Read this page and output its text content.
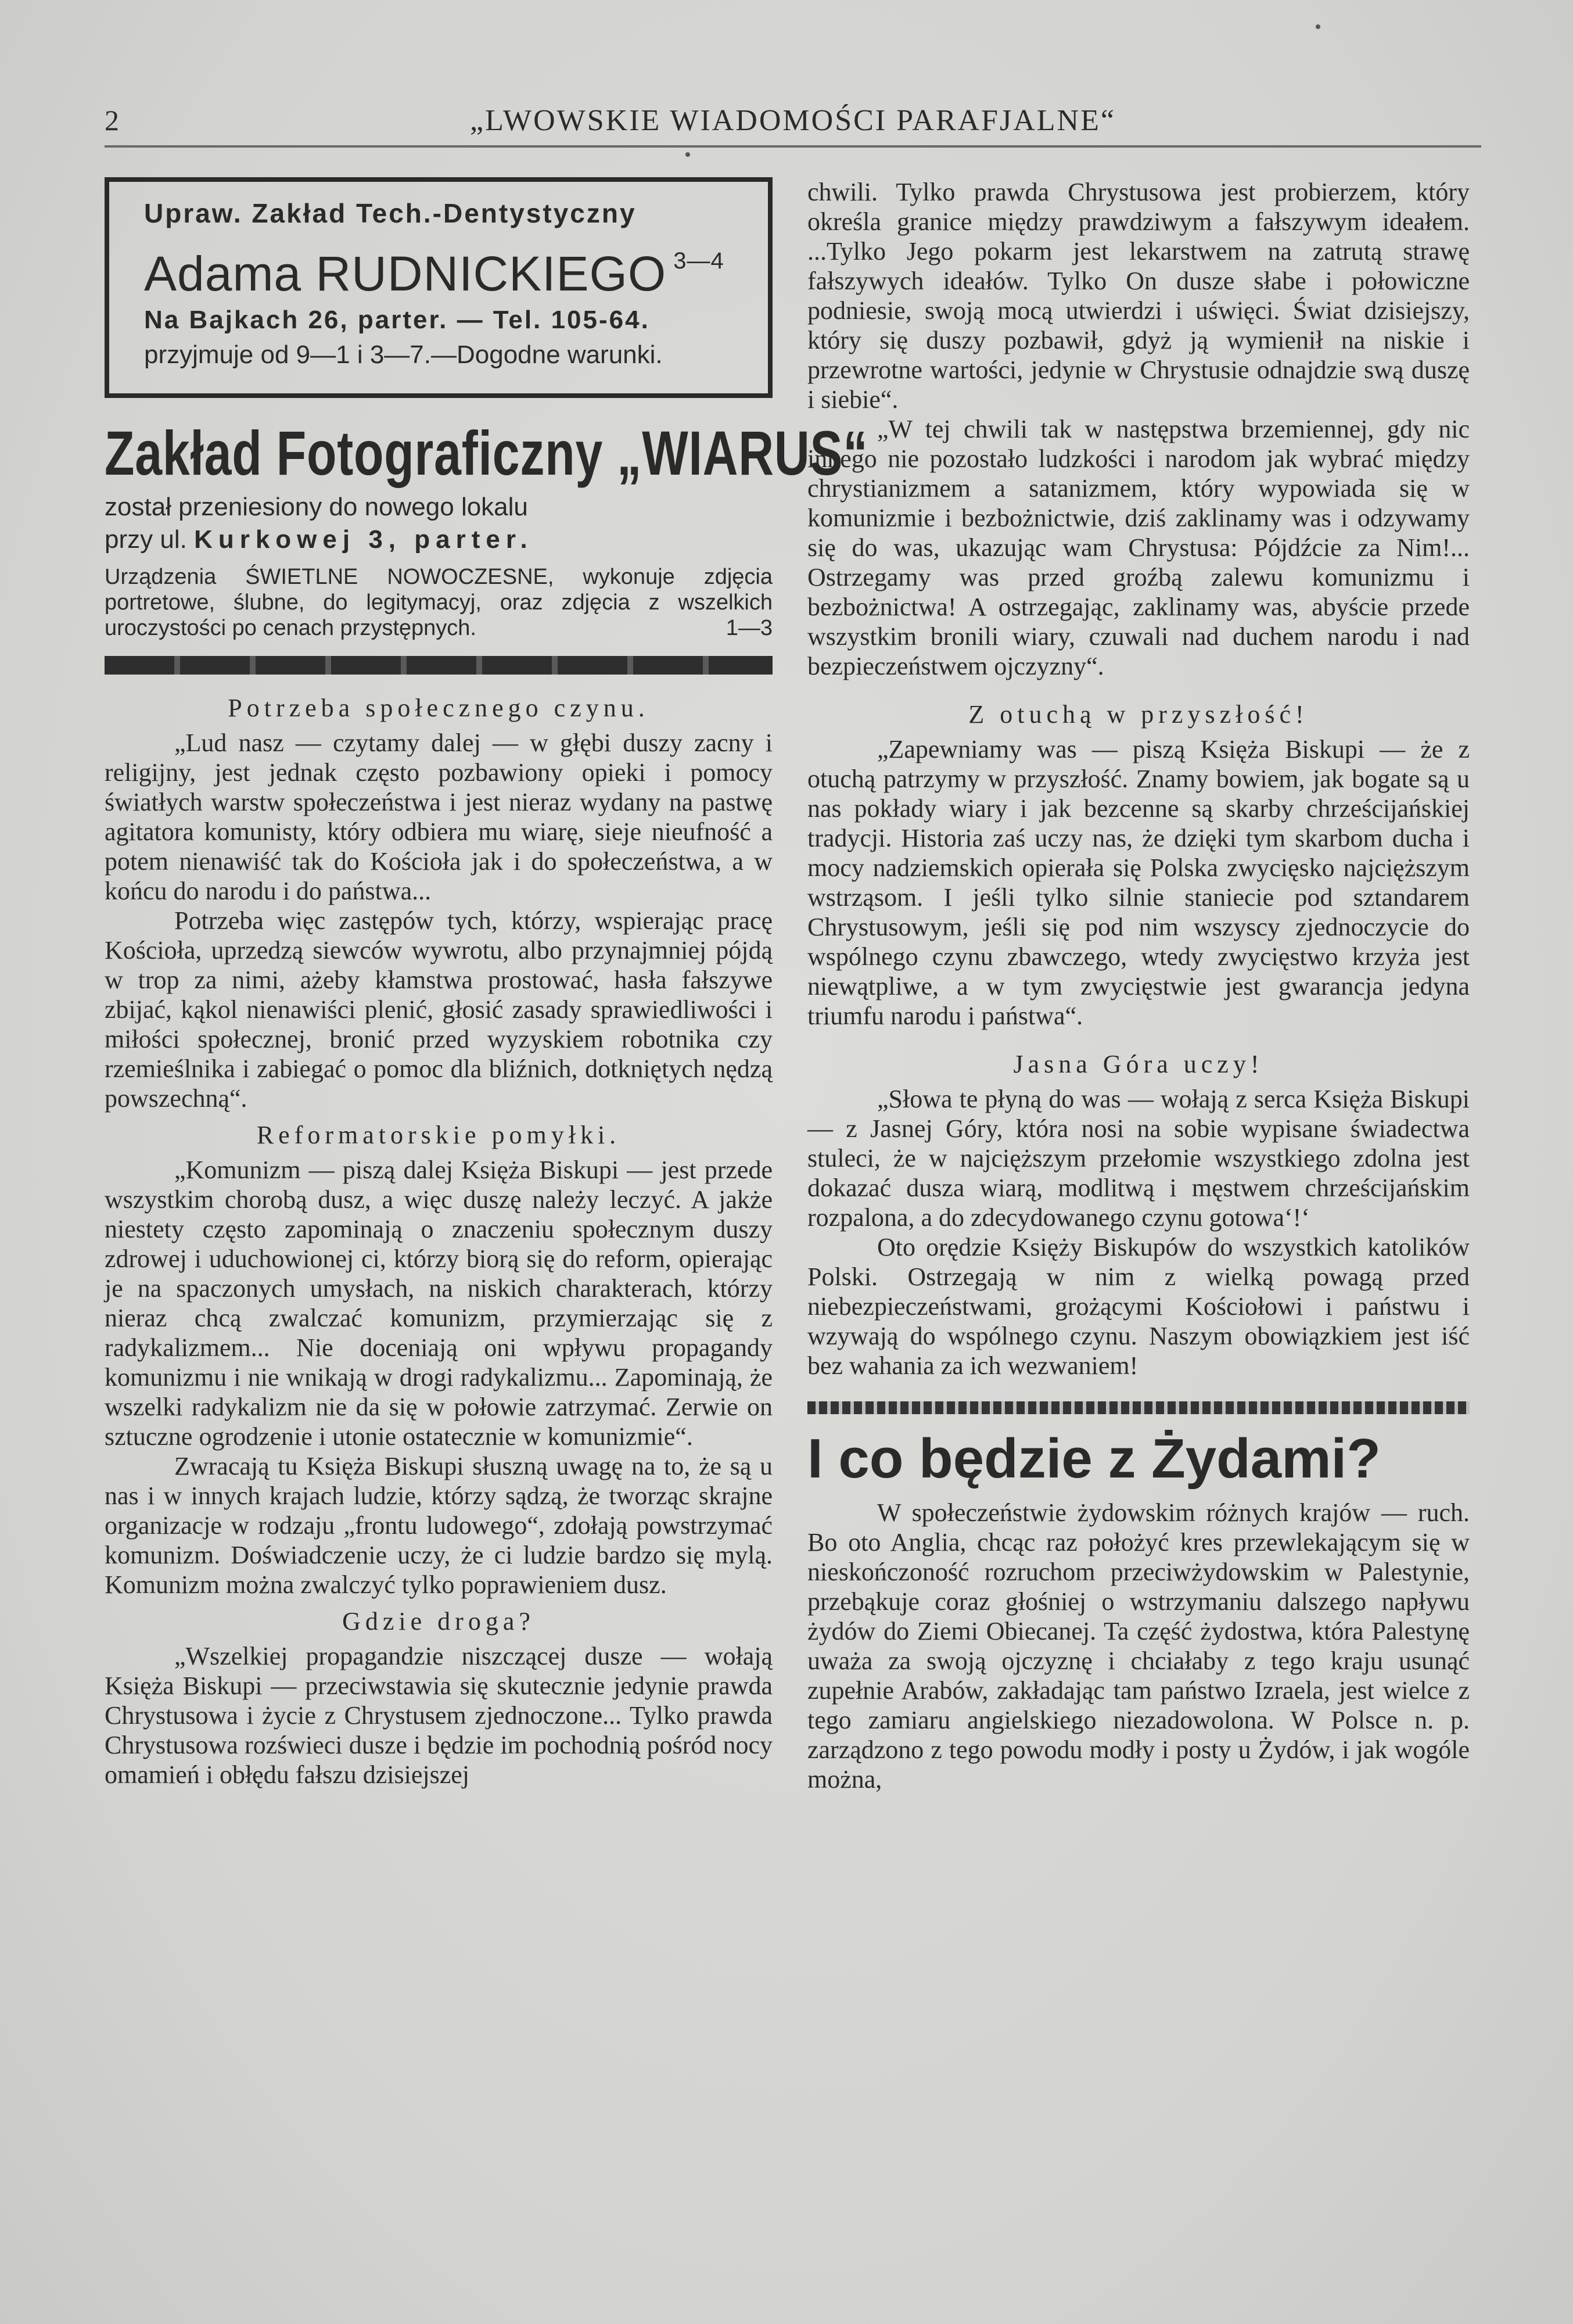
2	„LWOWSKIE WIADOMOŚCI PARAFJALNE“
Upraw. Zakład Tech.-Dentystyczny
Adama RUDNICKIEGO $^{3—4}$
Na Bajkach 26, parter. — Tel. 105-64.
przyjmuje od 9—1 i 3—7.—Dogodne warunki.
Zakład Fotograficzny „WIARUS“
został przeniesiony do nowego lokalu
przy ul. Kurkowej 3, parter.
Urządzenia ŚWIETLNE NOWOCZESNE, wykonuje zdjęcia portretowe, ślubne, do legitymacyj, oraz zdjęcia z wszelkich uroczystości po cenach przystępnych.	1—3
Potrzeba społecznego czynu.

„Lud nasz — czytamy dalej — w głębi duszy zacny i religijny, jest jednak często pozbawiony opieki i pomocy światłych warstw społeczeństwa i jest nieraz wydany na pastwę agitatora komunisty, który odbiera mu wiarę, sieje nieufność a potem nienawiść tak do Kościoła jak i do społeczeństwa, a w końcu do narodu i do państwa...

Potrzeba więc zastępów tych, którzy, wspierając pracę Kościoła, uprzedzą siewców wywrotu, albo przynajmniej pójdą w trop za nimi, ażeby kłamstwa prostować, hasła fałszywe zbijać, kąkol nienawiści plenić, głosić zasady sprawiedliwości i miłości społecznej, bronić przed wyzyskiem robotnika czy rzemieślnika i zabiegać o pomoc dla bliźnich, dotkniętych nędzą powszechną“.

Reformatorskie pomyłki.

„Komunizm — piszą dalej Księża Biskupi — jest przede wszystkim chorobą dusz, a więc duszę należy leczyć. A jakże niestety często zapominają o znaczeniu społecznym duszy zdrowej i uduchowionej ci, którzy biorą się do reform, opierając je na spaczonych umysłach, na niskich charakterach, którzy nieraz chcą zwalczać komunizm, przymierzając się z radykalizmem... Nie doceniają oni wpływu propagandy komunizmu i nie wnikają w drogi radykalizmu... Zapominają, że wszelki radykalizm nie da się w połowie zatrzymać. Zerwie on sztuczne ogrodzenie i utonie ostatecznie w komunizmie“.

Zwracają tu Księża Biskupi słuszną uwagę na to, że są u nas i w innych krajach ludzie, którzy sądzą, że tworząc skrajne organizacje w rodzaju „frontu ludowego“, zdołają powstrzymać komunizm. Doświadczenie uczy, że ci ludzie bardzo się mylą. Komunizm można zwalczyć tylko poprawieniem dusz.

Gdzie droga?

„Wszelkiej propagandzie niszczącej dusze — wołają Księża Biskupi — przeciwstawia się skutecznie jedynie prawda Chrystusowa i życie z Chrystusem zjednoczone... Tylko prawda Chrystusowa rozświeci dusze i będzie im pochodnią pośród nocy omamień i obłędu fałszu dzisiejszej

chwili. Tylko prawda Chrystusowa jest probierzem, który określa granice między prawdziwym a fałszywym ideałem. ...Tylko Jego pokarm jest lekarstwem na zatrutą strawę fałszywych ideałów. Tylko On dusze słabe i połowiczne podniesie, swoją mocą utwierdzi i uświęci. Świat dzisiejszy, który się duszy pozbawił, gdyż ją wymienił na niskie i przewrotne wartości, jedynie w Chrystusie odnajdzie swą duszę i siebie“.

„W tej chwili tak w następstwa brzemiennej, gdy nic innego nie pozostało ludzkości i narodom jak wybrać między chrystianizmem a satanizmem, który wypowiada się w komunizmie i bezbożnictwie, dziś zaklinamy was i odzywamy się do was, ukazując wam Chrystusa: Pójdźcie za Nim!... Ostrzegamy was przed groźbą zalewu komunizmu i bezbożnictwa! A ostrzegając, zaklinamy was, abyście przede wszystkim bronili wiary, czuwali nad duchem narodu i nad bezpieczeństwem ojczyzny“.

Z otuchą w przyszłość!

„Zapewniamy was — piszą Księża Biskupi — że z otuchą patrzymy w przyszłość. Znamy bowiem, jak bogate są u nas pokłady wiary i jak bezcenne są skarby chrześcijańskiej tradycji. Historia zaś uczy nas, że dzięki tym skarbom ducha i mocy nadziemskich opierała się Polska zwycięsko najcięższym wstrząsom. I jeśli tylko silnie staniecie pod sztandarem Chrystusowym, jeśli się pod nim wszyscy zjednoczycie do wspólnego czynu zbawczego, wtedy zwycięstwo krzyża jest niewątpliwe, a w tym zwycięstwie jest gwarancja jedyna triumfu narodu i państwa“.

Jasna Góra uczy!

„Słowa te płyną do was — wołają z serca Księża Biskupi — z Jasnej Góry, która nosi na sobie wypisane świadectwa stuleci, że w najcięższym przełomie wszystkiego zdolna jest dokazać dusza wiarą, modlitwą i męstwem chrześcijańskim rozpalona, a do zdecydowanego czynu gotowa‘!‘

Oto orędzie Księży Biskupów do wszystkich katolików Polski. Ostrzegają w nim z wielką powagą przed niebezpieczeństwami, grożącymi Kościołowi i państwu i wzywają do wspólnego czynu. Naszym obowiązkiem jest iść bez wahania za ich wezwaniem!

I co będzie z Żydami?

W społeczeństwie żydowskim różnych krajów — ruch. Bo oto Anglia, chcąc raz położyć kres przewlekającym się w nieskończoność rozruchom przeciwżydowskim w Palestynie, przebąkuje coraz głośniej o wstrzymaniu dalszego napływu żydów do Ziemi Obiecanej. Ta część żydostwa, która Palestynę uważa za swoją ojczyznę i chciałaby z tego kraju usunąć zupełnie Arabów, zakładając tam państwo Izraela, jest wielce z tego zamiaru angielskiego niezadowolona. W Polsce n. p. zarządzono z tego powodu modły i posty u Żydów, i jak wogóle można,
